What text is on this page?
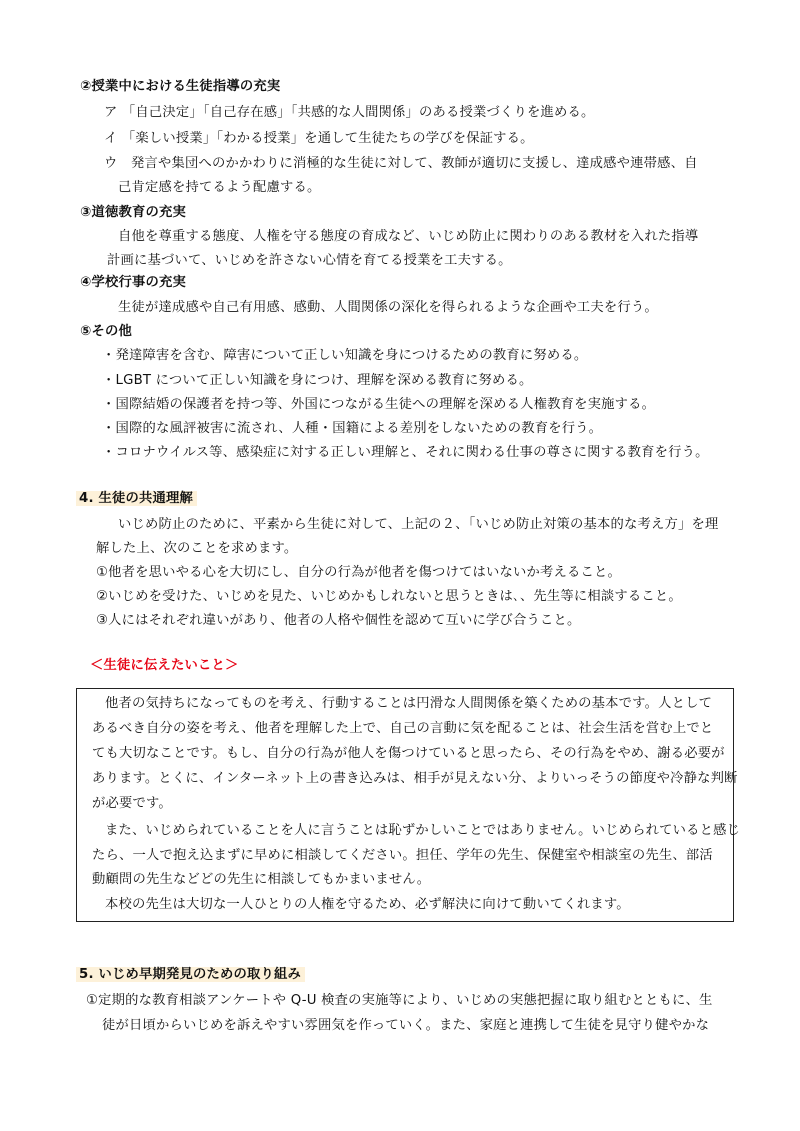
②授業中における生徒指導の充実
ア 「自己決定」「自己存在感」「共感的な人間関係」のある授業づくりを進める。
イ 「楽しい授業」「わかる授業」を通して生徒たちの学びを保証する。
ウ　発言や集団へのかかわりに消極的な生徒に対して、教師が適切に支援し、達成感や連帯感、自
己肯定感を持てるよう配慮する。
③道徳教育の充実
自他を尊重する態度、人権を守る態度の育成など、いじめ防止に関わりのある教材を入れた指導
計画に基づいて、いじめを許さない心情を育てる授業を工夫する。
④学校行事の充実
生徒が達成感や自己有用感、感動、人間関係の深化を得られるような企画や工夫を行う。
⑤その他
・発達障害を含む、障害について正しい知識を身につけるための教育に努める。
・LGBT について正しい知識を身につけ、理解を深める教育に努める。
・国際結婚の保護者を持つ等、外国につながる生徒への理解を深める人権教育を実施する。
・国際的な風評被害に流され、人種・国籍による差別をしないための教育を行う。
・コロナウイルス等、感染症に対する正しい理解と、それに関わる仕事の尊さに関する教育を行う。
4. 生徒の共通理解
いじめ防止のために、平素から生徒に対して、上記の２、「いじめ防止対策の基本的な考え方」を理
解した上、次のことを求めます。
①他者を思いやる心を大切にし、自分の行為が他者を傷つけてはいないか考えること。
②いじめを受けた、いじめを見た、いじめかもしれないと思うときは､、先生等に相談すること。
③人にはそれぞれ違いがあり、他者の人格や個性を認めて互いに学び合うこと。
＜生徒に伝えたいこと＞
他者の気持ちになってものを考え、行動することは円滑な人間関係を築くための基本です。人として
あるべき自分の姿を考え、他者を理解した上で、自己の言動に気を配ることは、社会生活を営む上でと
ても大切なことです。もし、自分の行為が他人を傷つけていると思ったら、その行為をやめ、謝る必要が
あります。とくに、インターネット上の書き込みは、相手が見えない分、よりいっそうの節度や冷静な判断
が必要です。
また、いじめられていることを人に言うことは恥ずかしいことではありません。いじめられていると感じ
たら、一人で抱え込まずに早めに相談してください。担任、学年の先生、保健室や相談室の先生、部活
動顧問の先生などどの先生に相談してもかまいません。
本校の先生は大切な一人ひとりの人権を守るため、必ず解決に向けて動いてくれます。
5. いじめ早期発見のための取り組み
①定期的な教育相談アンケートや Q-U 検査の実施等により、いじめの実態把握に取り組むとともに、生
徒が日頃からいじめを訴えやすい雰囲気を作っていく。また、家庭と連携して生徒を見守り健やかな
